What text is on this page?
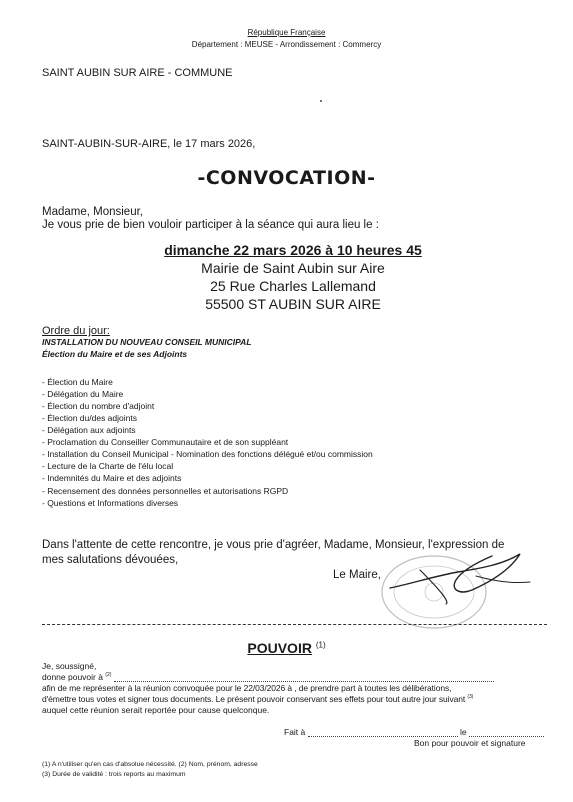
République Française
Département : MEUSE - Arrondissement : Commercy
SAINT AUBIN SUR AIRE - COMMUNE
SAINT-AUBIN-SUR-AIRE, le 17 mars 2026,
-CONVOCATION-
Madame, Monsieur,
Je vous prie de bien vouloir participer à la séance qui aura lieu le :
dimanche 22 mars 2026 à 10 heures 45
Mairie de Saint Aubin sur Aire
25 Rue Charles Lallemand
55500 ST AUBIN SUR AIRE
Ordre du jour:
INSTALLATION DU NOUVEAU CONSEIL MUNICIPAL
Élection du Maire et de ses Adjoints
- Élection du Maire
- Délégation du Maire
- Élection du nombre d'adjoint
- Élection du/des adjoints
- Délégation aux adjoints
- Proclamation du Conseiller Communautaire et de son suppléant
- Installation du Conseil Municipal - Nomination des fonctions délégué et/ou commission
- Lecture de la Charte de l'élu local
- Indemnités du Maire et des adjoints
- Recensement des données personnelles et autorisations RGPD
- Questions et Informations diverses
Dans l'attente de cette rencontre, je vous prie d'agréer, Madame, Monsieur, l'expression de
mes salutations dévouées,
Le Maire,
POUVOIR $^{(1)}$
Je, soussigné,
donne pouvoir à $^{(2)}$
afin de me représenter à la réunion convoquée pour le 22/03/2026 à , de prendre part à toutes les délibérations,
d'émettre tous votes et signer tous documents. Le présent pouvoir conservant ses effets pour tout autre jour suivant $^{(3)}$
auquel cette réunion serait reportée pour cause quelconque.
Fait à	le
Bon pour pouvoir et signature
(1) A n'utiliser qu'en cas d'absolue nécessité. (2) Nom, prénom, adresse
(3) Durée de validité : trois reports au maximum
